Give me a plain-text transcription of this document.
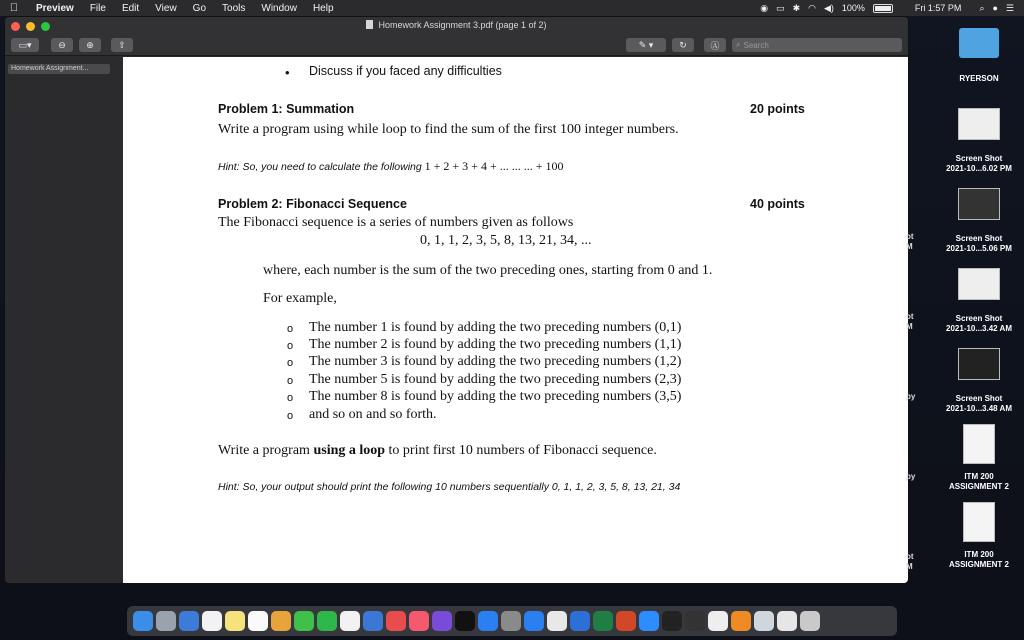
Preview	File	Edit	View	Go	Tools	Window	Help	◉ ▭ ✱ ◠ ◀) 100%	Fri 1:57 PM ⌕ ● ☰
Homework Assignment 3.pdf (page 1 of 2)
▭▾	⊖	⊕	⇧	✎ ▾	↻	Ⓐ	⌕ Search
Homework Assignment...	• Discuss if you faced any difficulties
Problem 1: Summation	20 points
Write a program using while loop to find the sum of the first 100 integer numbers.
Hint: So, you need to calculate the following 1 + 2 + 3 + 4 + ... ... ... + 100
Problem 2: Fibonacci Sequence	40 points
The Fibonacci sequence is a series of numbers given as follows
0, 1, 1, 2, 3, 5, 8, 13, 21, 34, ...
where, each number is the sum of the two preceding ones, starting from 0 and 1.
For example,
o The number 1 is found by adding the two preceding numbers (0,1)
o The number 2 is found by adding the two preceding numbers (1,1)
o The number 3 is found by adding the two preceding numbers (1,2)
o The number 5 is found by adding the two preceding numbers (2,3)
o The number 8 is found by adding the two preceding numbers (3,5)
o and so on and so forth.
Write a program using a loop to print first 10 numbers of Fibonacci sequence.
Hint: So, your output should print the following 10 numbers sequentially 0, 1, 1, 2, 3, 5, 8, 13, 21, 34
ot
M
ot
M
py
py
ot
M
RYERSON
Screen Shot
2021-10...6.02 PM
Screen Shot
2021-10...5.06 PM
Screen Shot
2021-10...3.42 AM
Screen Shot
2021-10...3.48 AM
ITM 200
ASSIGNMENT 2
ITM 200
ASSIGNMENT 2
